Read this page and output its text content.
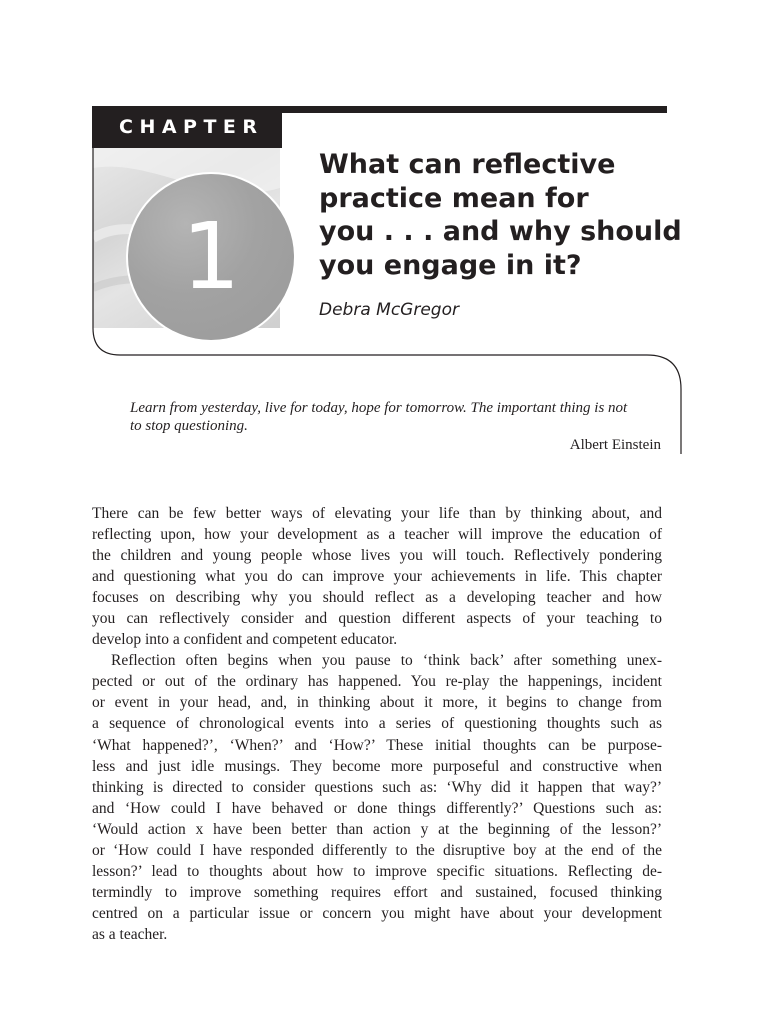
CHAPTER
1
What can reflective
practice mean for
you . . . and why should
you engage in it?
Debra McGregor
Learn from yesterday, live for today, hope for tomorrow. The important thing is not
to stop questioning.
Albert Einstein
There can be few better ways of elevating your life than by thinking about, and
reflecting upon, how your development as a teacher will improve the education of
the children and young people whose lives you will touch. Reflectively pondering
and questioning what you do can improve your achievements in life. This chapter
focuses on describing why you should reflect as a developing teacher and how
you can reflectively consider and question different aspects of your teaching to
develop into a confident and competent educator.
Reflection often begins when you pause to ‘think back’ after something unex-
pected or out of the ordinary has happened. You re-play the happenings, incident
or event in your head, and, in thinking about it more, it begins to change from
a sequence of chronological events into a series of questioning thoughts such as
‘What happened?’, ‘When?’ and ‘How?’ These initial thoughts can be purpose-
less and just idle musings. They become more purposeful and constructive when
thinking is directed to consider questions such as: ‘Why did it happen that way?’
and ‘How could I have behaved or done things differently?’ Questions such as:
‘Would action x have been better than action y at the beginning of the lesson?’
or ‘How could I have responded differently to the disruptive boy at the end of the
lesson?’ lead to thoughts about how to improve specific situations. Reflecting de-
termindly to improve something requires effort and sustained, focused thinking
centred on a particular issue or concern you might have about your development
as a teacher.
